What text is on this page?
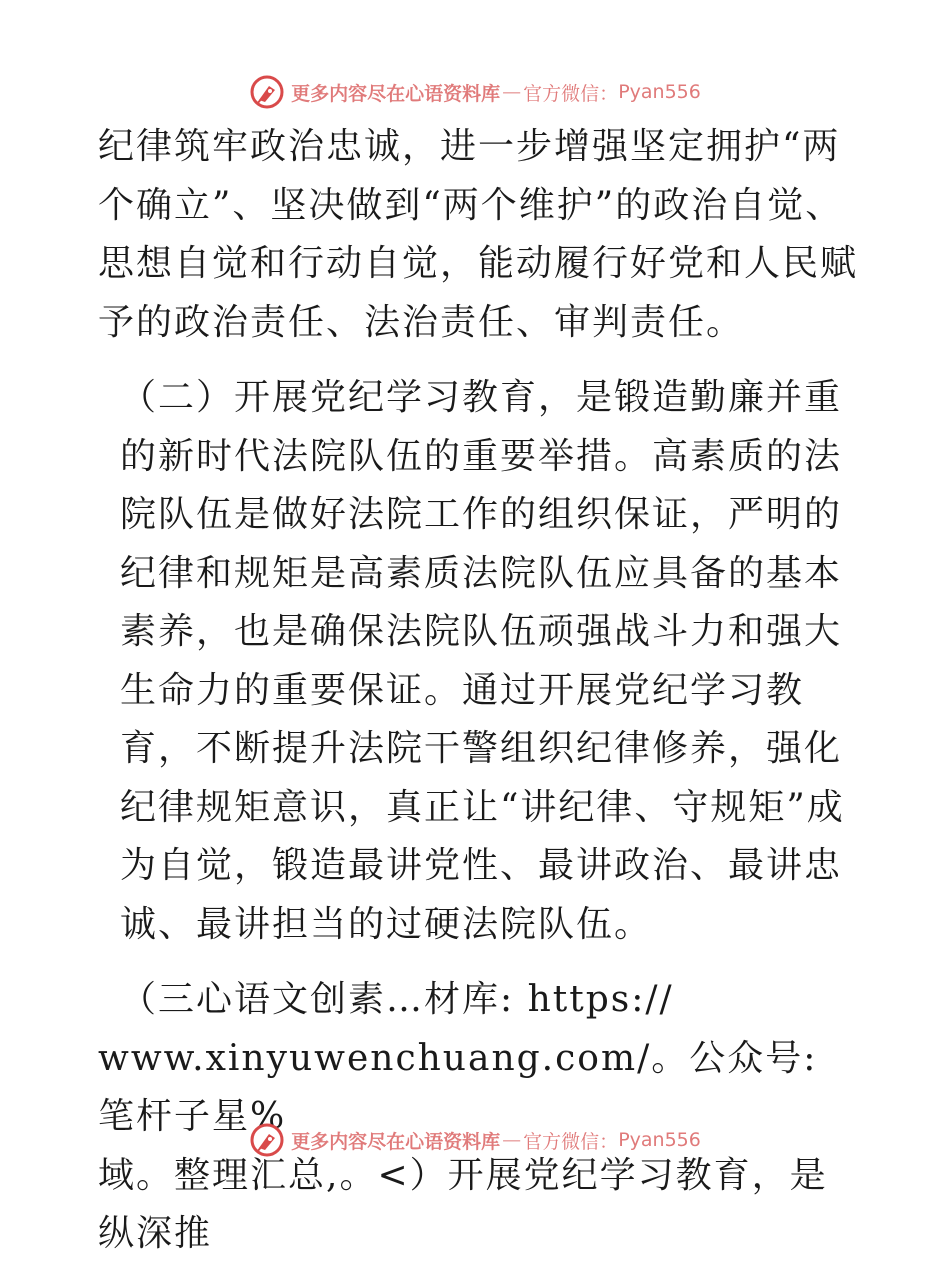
更多内容尽在心语资料库 — 官方微信： Pyan556

纪律筑牢政治忠诚，进一步增强坚定拥护“两个确立”、坚决做到“两个维护”的政治自觉、思想自觉和行动自觉，能动履行好党和人民赋予的政治责任、法治责任、审判责任。

（二）开展党纪学习教育，是锻造勤廉并重的新时代法院队伍的重要举措。高素质的法院队伍是做好法院工作的组织保证，严明的纪律和规矩是高素质法院队伍应具备的基本素养，也是确保法院队伍顽强战斗力和强大生命力的重要保证。通过开展党纪学习教育，不断提升法院干警组织纪律修养，强化纪律规矩意识，真正让“讲纪律、守规矩”成为自觉，锻造最讲党性、最讲政治、最讲忠诚、最讲担当的过硬法院队伍。

（三心语文创素…材库: https://
www.xinyuwenchuang.com/。公众号: 笔杆子星%
域。整理汇总,。<）开展党纪学习教育，是纵深推
更多内容尽在心语资料库 — 官方微信： Pyan556
